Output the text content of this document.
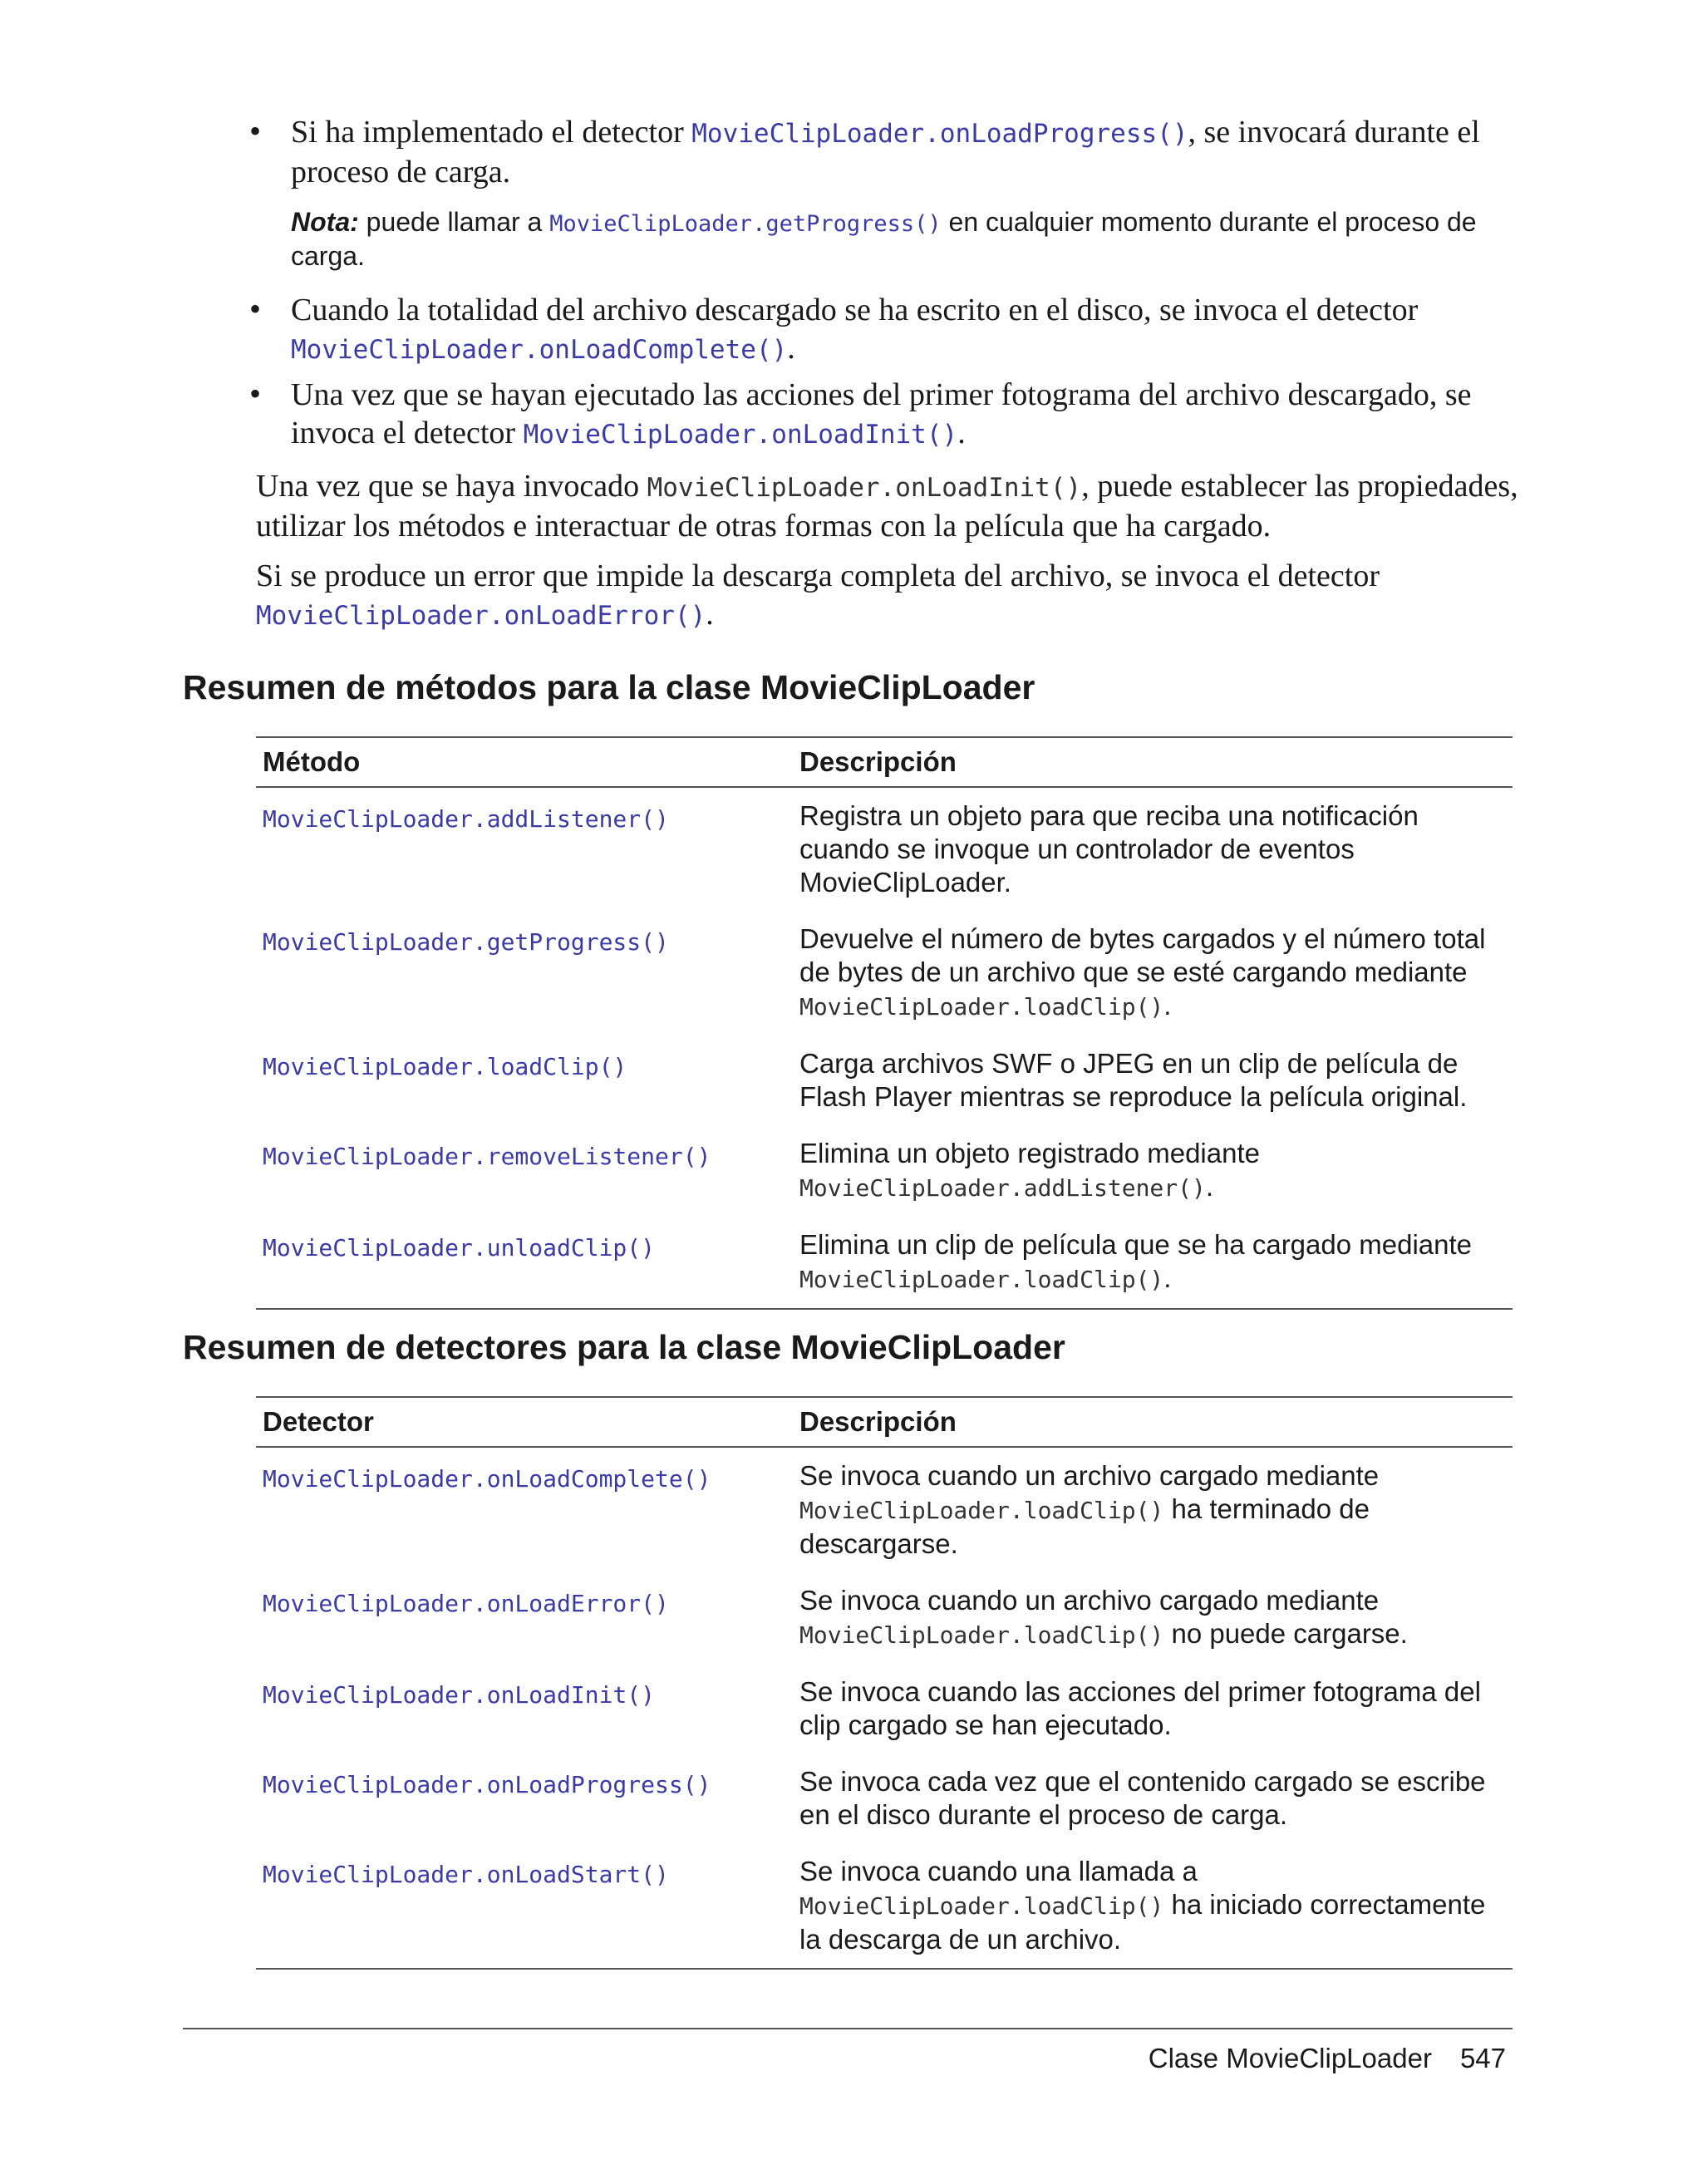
• Si ha implementado el detector MovieClipLoader.onLoadProgress(), se invocará durante el proceso de carga.
Nota: puede llamar a MovieClipLoader.getProgress() en cualquier momento durante el proceso de carga.
• Cuando la totalidad del archivo descargado se ha escrito en el disco, se invoca el detector MovieClipLoader.onLoadComplete().
• Una vez que se hayan ejecutado las acciones del primer fotograma del archivo descargado, se invoca el detector MovieClipLoader.onLoadInit().
Una vez que se haya invocado MovieClipLoader.onLoadInit(), puede establecer las propiedades, utilizar los métodos e interactuar de otras formas con la película que ha cargado.
Si se produce un error que impide la descarga completa del archivo, se invoca el detector MovieClipLoader.onLoadError().
Resumen de métodos para la clase MovieClipLoader
Método	Descripción
MovieClipLoader.addListener()	Registra un objeto para que reciba una notificación cuando se invoque un controlador de eventos MovieClipLoader.
MovieClipLoader.getProgress()	Devuelve el número de bytes cargados y el número total de bytes de un archivo que se esté cargando mediante MovieClipLoader.loadClip().
MovieClipLoader.loadClip()	Carga archivos SWF o JPEG en un clip de película de Flash Player mientras se reproduce la película original.
MovieClipLoader.removeListener()	Elimina un objeto registrado mediante
MovieClipLoader.addListener().
MovieClipLoader.unloadClip()	Elimina un clip de película que se ha cargado mediante
MovieClipLoader.loadClip().
Resumen de detectores para la clase MovieClipLoader
Detector	Descripción
MovieClipLoader.onLoadComplete()	Se invoca cuando un archivo cargado mediante
MovieClipLoader.loadClip() ha terminado de descargarse.
MovieClipLoader.onLoadError()	Se invoca cuando un archivo cargado mediante
MovieClipLoader.loadClip() no puede cargarse.
MovieClipLoader.onLoadInit()	Se invoca cuando las acciones del primer fotograma del clip cargado se han ejecutado.
MovieClipLoader.onLoadProgress()	Se invoca cada vez que el contenido cargado se escribe en el disco durante el proceso de carga.
MovieClipLoader.onLoadStart()	Se invoca cuando una llamada a
MovieClipLoader.loadClip() ha iniciado correctamente la descarga de un archivo.
Clase MovieClipLoader 547
